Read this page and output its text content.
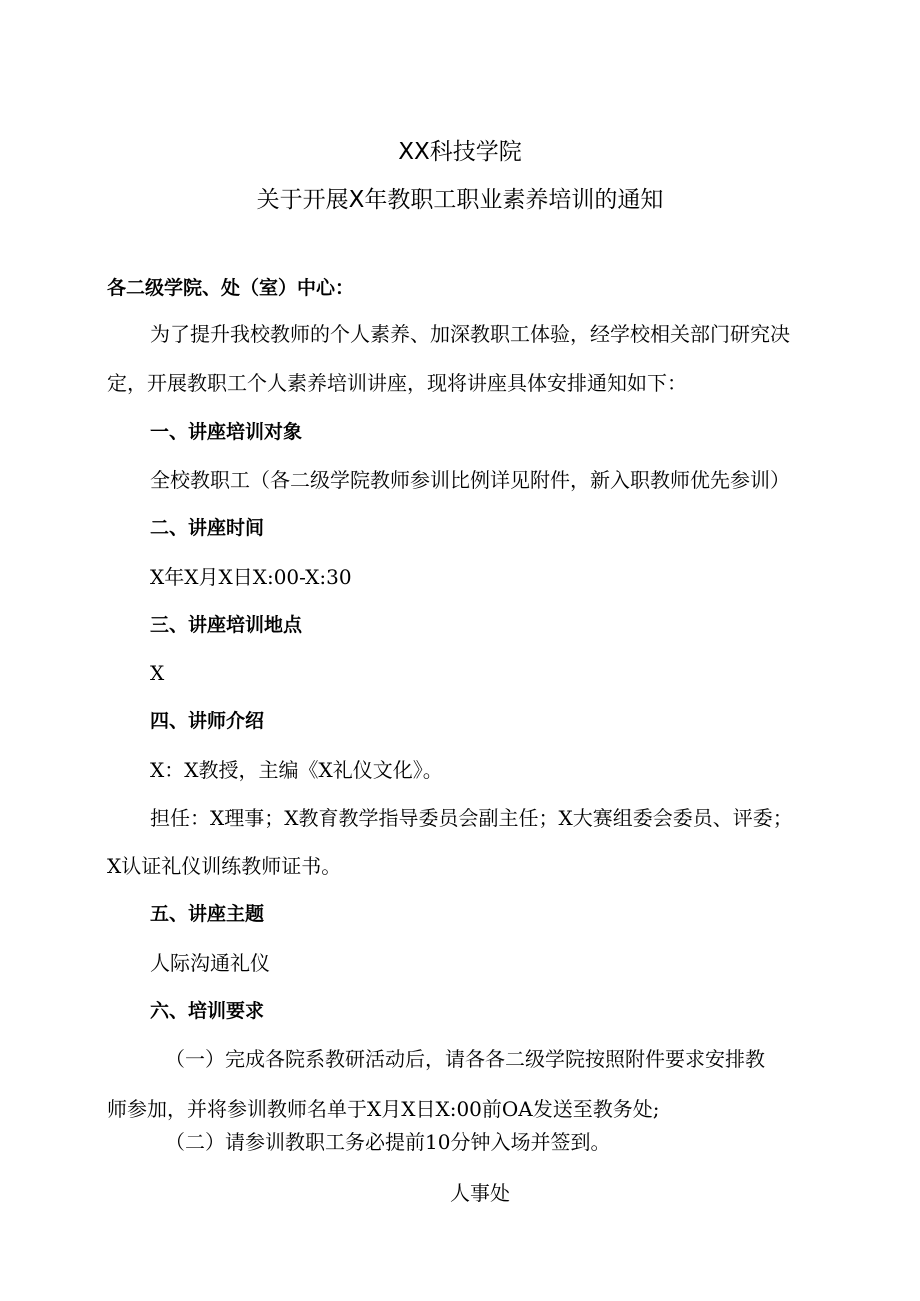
XX科技学院
关于开展X年教职工职业素养培训的通知
各二级学院、处（室）中心：
为了提升我校教师的个人素养、加深教职工体验，经学校相关部门研究决
定，开展教职工个人素养培训讲座，现将讲座具体安排通知如下：
一、讲座培训对象
全校教职工（各二级学院教师参训比例详见附件，新入职教师优先参训）
二、讲座时间
X年X月X日X:00-X:30
三、讲座培训地点
X
四、讲师介绍
X：X教授，主编《X礼仪文化》。
担任：X理事；X教育教学指导委员会副主任；X大赛组委会委员、评委；
X认证礼仪训练教师证书。
五、讲座主题
人际沟通礼仪
六、培训要求
（一）完成各院系教研活动后，请各各二级学院按照附件要求安排教
师参加，并将参训教师名单于X月X日X:00前OA发送至教务处;
（二）请参训教职工务必提前10分钟入场并签到。
人事处
